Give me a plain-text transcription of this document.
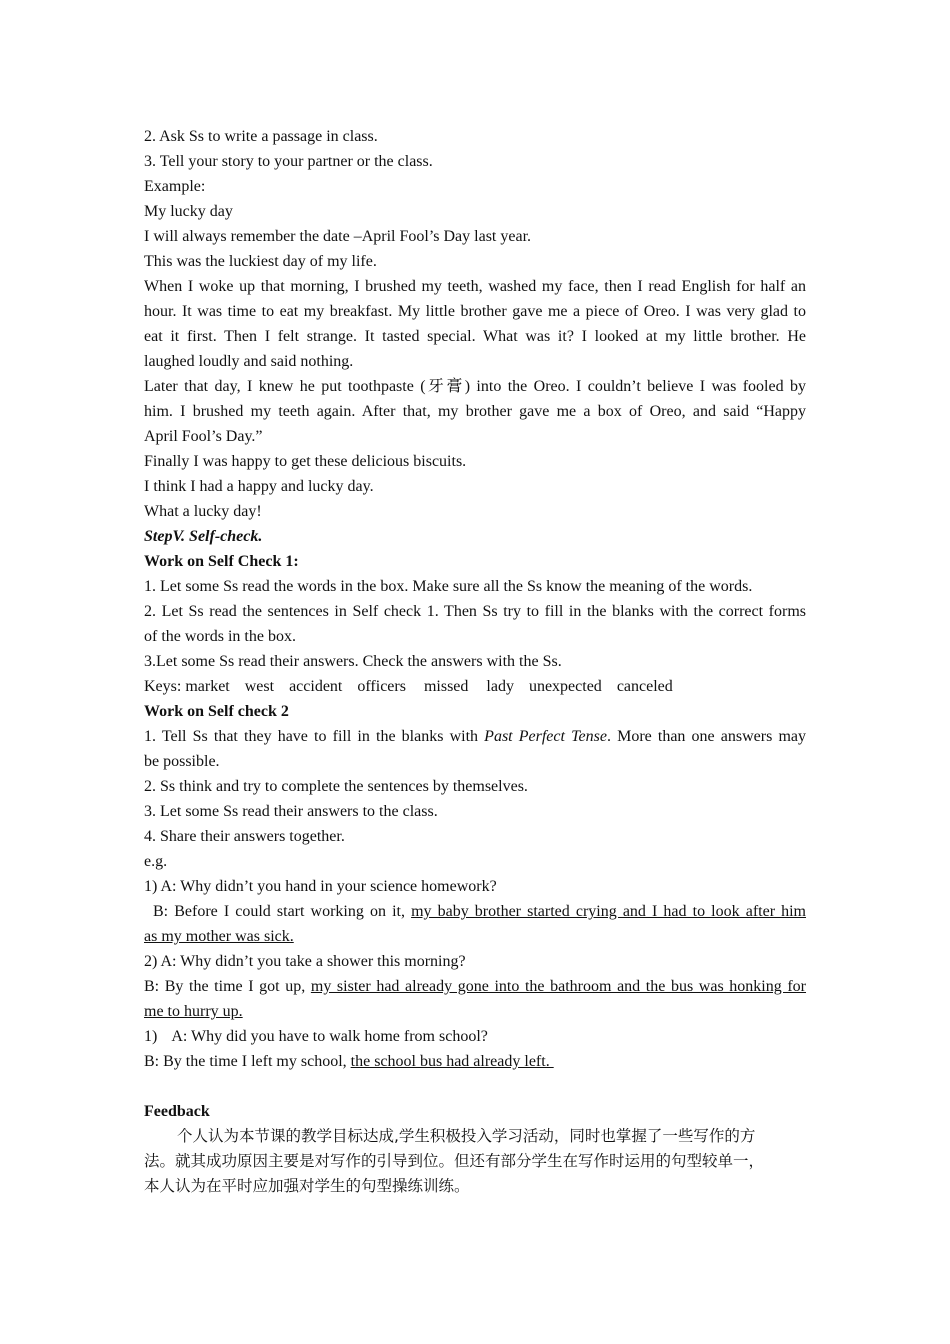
2. Ask Ss to write a passage in class.
3. Tell your story to your partner or the class.
Example:
My lucky day
I will always remember the date –April Fool’s Day last year.
This was the luckiest day of my life.
When I woke up that morning, I brushed my teeth, washed my face, then I read English for half an
hour. It was time to eat my breakfast. My little brother gave me a piece of Oreo. I was very glad to
eat it first. Then I felt strange. It tasted special. What was it? I looked at my little brother. He
laughed loudly and said nothing.
Later that day, I knew he put toothpaste (牙膏) into the Oreo. I couldn’t believe I was fooled by
him. I brushed my teeth again. After that, my brother gave me a box of Oreo, and said “Happy
April Fool’s Day.”
Finally I was happy to get these delicious biscuits.
I think I had a happy and lucky day.
What a lucky day!
StepV. Self-check.
Work on Self Check 1:
1. Let some Ss read the words in the box. Make sure all the Ss know the meaning of the words.
2. Let Ss read the sentences in Self check 1. Then Ss try to fill in the blanks with the correct forms
of the words in the box.
3.Let some Ss read their answers. Check the answers with the Ss.
Keys: market west accident officers missed lady unexpected canceled
Work on Self check 2
1. Tell Ss that they have to fill in the blanks with Past Perfect Tense. More than one answers may
be possible.
2. Ss think and try to complete the sentences by themselves.
3. Let some Ss read their answers to the class.
4. Share their answers together.
e.g.
1) A: Why didn’t you hand in your science homework?
B: Before I could start working on it, my baby brother started crying and I had to look after him
as my mother was sick.
2) A: Why didn’t you take a shower this morning?
B: By the time I got up, my sister had already gone into the bathroom and the bus was honking for
me to hurry up.
1) A: Why did you have to walk home from school?
B: By the time I left my school, the school bus had already left.
Feedback
个人认为本节课的教学目标达成,学生积极投入学习活动，同时也掌握了一些写作的方
法。就其成功原因主要是对写作的引导到位。但还有部分学生在写作时运用的句型较单一，
本人认为在平时应加强对学生的句型操练训练。
